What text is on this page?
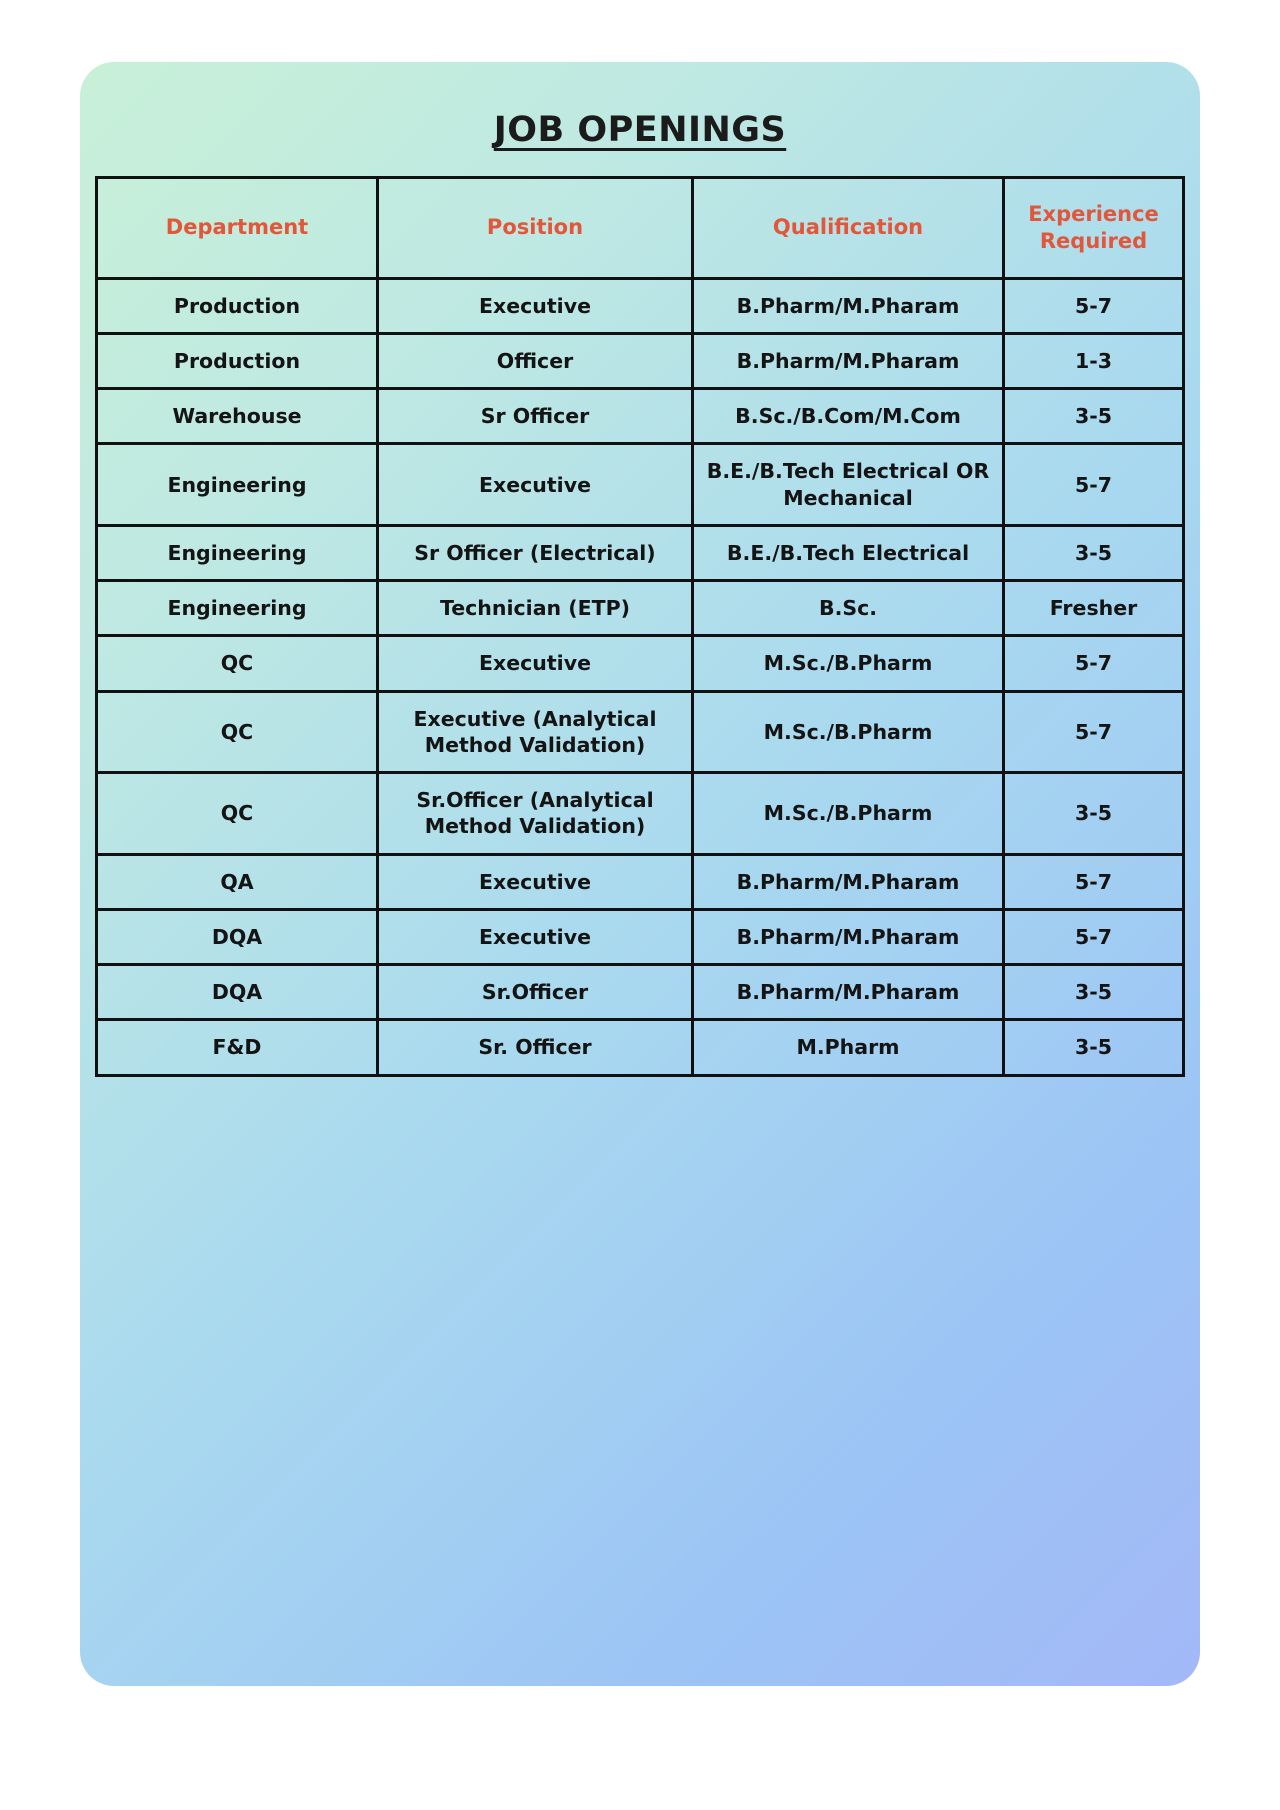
JOB OPENINGS
Department	Position	Qualification	Experience Required
Production	Executive	B.Pharm/M.Pharam	5-7
Production	Officer	B.Pharm/M.Pharam	1-3
Warehouse	Sr Officer	B.Sc./B.Com/M.Com	3-5
Engineering	Executive	B.E./B.Tech Electrical OR Mechanical	5-7
Engineering	Sr Officer (Electrical)	B.E./B.Tech Electrical	3-5
Engineering	Technician (ETP)	B.Sc.	Fresher
QC	Executive	M.Sc./B.Pharm	5-7
QC	Executive (Analytical Method Validation)	M.Sc./B.Pharm	5-7
QC	Sr.Officer (Analytical Method Validation)	M.Sc./B.Pharm	3-5
QA	Executive	B.Pharm/M.Pharam	5-7
DQA	Executive	B.Pharm/M.Pharam	5-7
DQA	Sr.Officer	B.Pharm/M.Pharam	3-5
F&D	Sr. Officer	M.Pharm	3-5
